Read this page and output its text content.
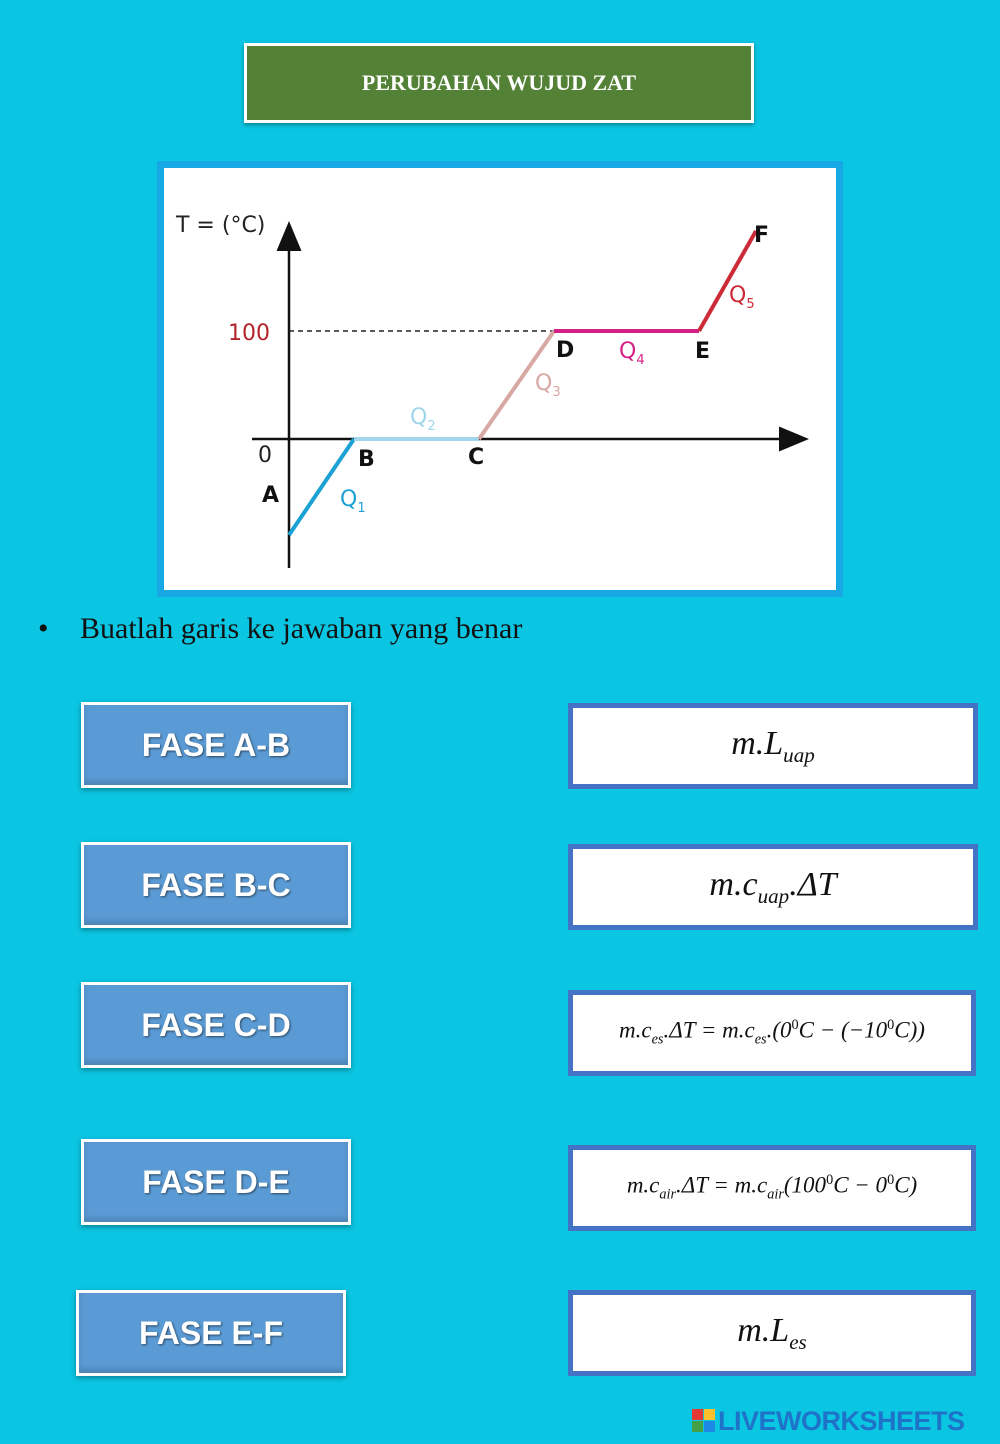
PERUBAHAN WUJUD ZAT
T = (°C)
100
0
A
B	C
D	E
F
$Q_1$
$Q_2$
$Q_3$
$Q_4$
$Q_5$
• Buatlah garis ke jawaban yang benar
FASE A-B
FASE B-C
FASE C-D
FASE D-E
FASE E-F
$m.L_{uap}$
$m.c_{uap}.\Delta T$
$m.c_{es}.\Delta T = m.c_{es}.(0^0C - (-10^0C))$
$m.c_{air}.\Delta T = m.c_{air}(100^0C - 0^0C)$
$m.L_{es}$
LIVEWORKSHEETS
